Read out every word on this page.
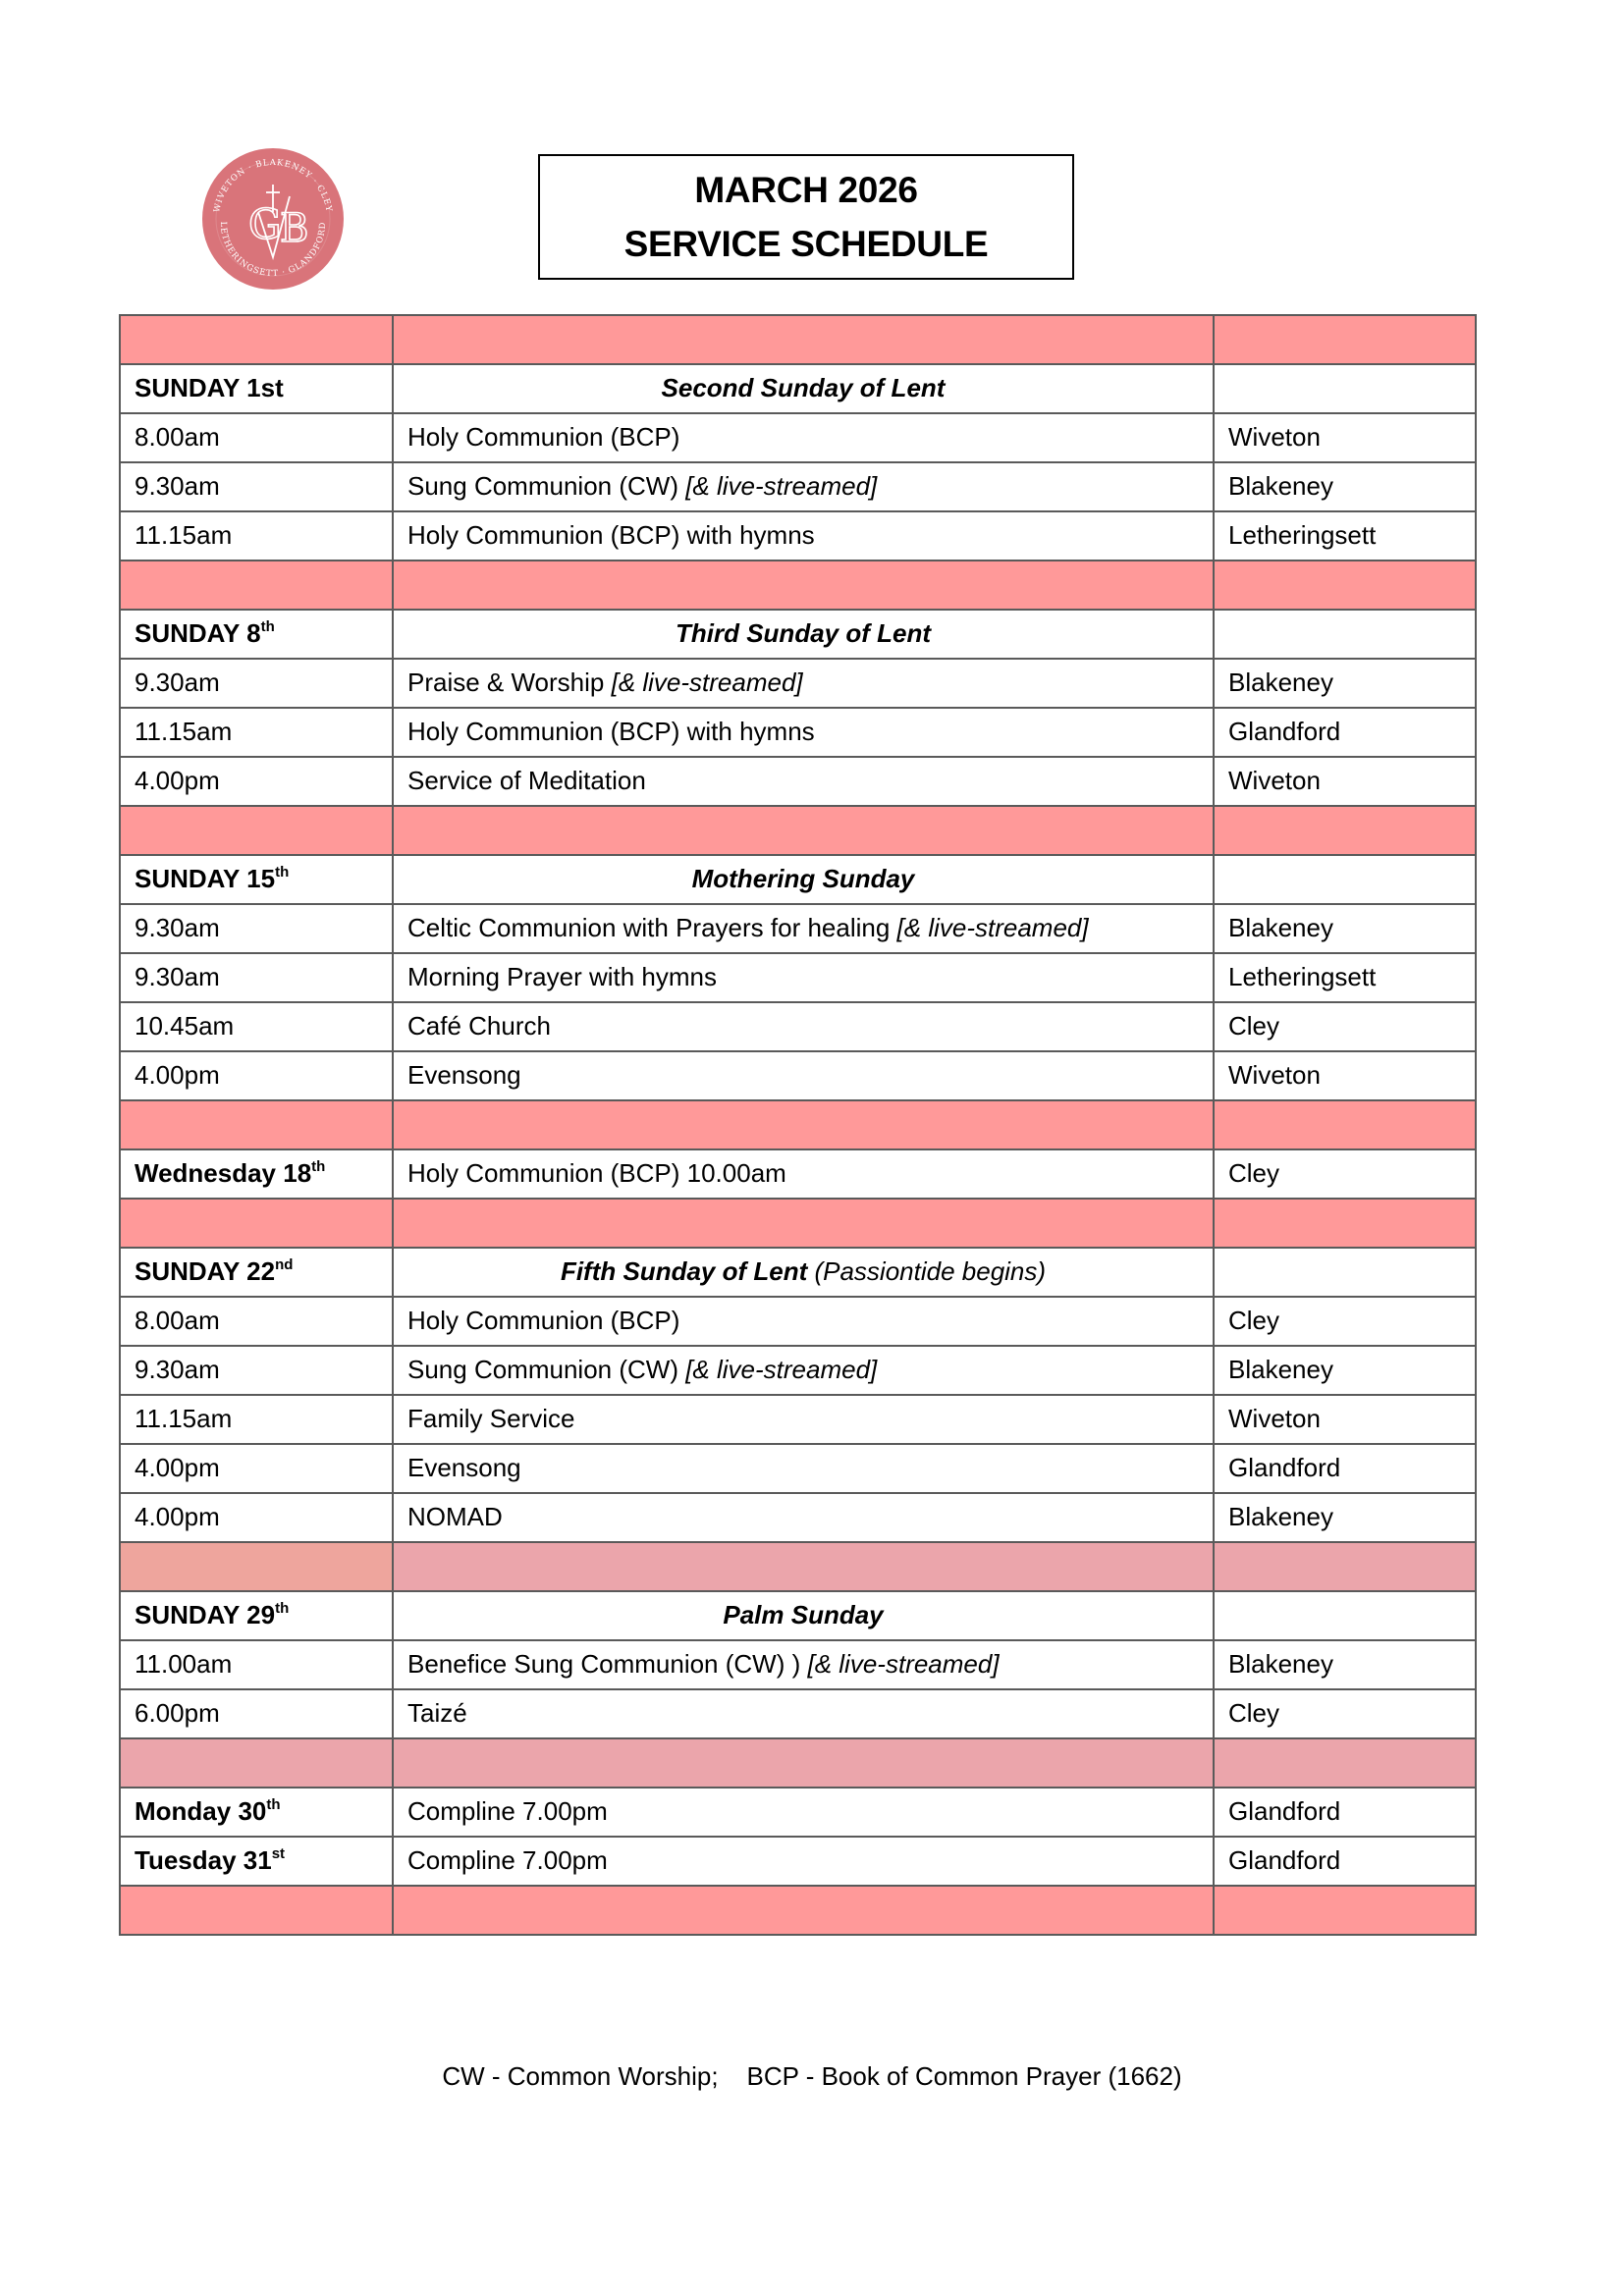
WIVETON · BLAKENEY · CLEY
LETHERINGSETT · GLANDFORD
G
B
MARCH 2026
SERVICE SCHEDULE

SUNDAY 1st	Second Sunday of Lent	
8.00am	Holy Communion (BCP)	Wiveton
9.30am	Sung Communion (CW) [& live-streamed]	Blakeney
11.15am	Holy Communion (BCP) with hymns	Letheringsett

SUNDAY 8th	Third Sunday of Lent	
9.30am	Praise & Worship [& live-streamed]	Blakeney
11.15am	Holy Communion (BCP) with hymns	Glandford
4.00pm	Service of Meditation	Wiveton

SUNDAY 15th	Mothering Sunday	
9.30am	Celtic Communion with Prayers for healing [& live-streamed]	Blakeney
9.30am	Morning Prayer with hymns	Letheringsett
10.45am	Café Church	Cley
4.00pm	Evensong	Wiveton

Wednesday 18th	Holy Communion (BCP) 10.00am	Cley

SUNDAY 22nd	Fifth Sunday of Lent (Passiontide begins)	
8.00am	Holy Communion (BCP)	Cley
9.30am	Sung Communion (CW) [& live-streamed]	Blakeney
11.15am	Family Service	Wiveton
4.00pm	Evensong	Glandford
4.00pm	NOMAD	Blakeney

SUNDAY 29th	Palm Sunday	
11.00am	Benefice Sung Communion (CW) ) [& live-streamed]	Blakeney
6.00pm	Taizé	Cley

Monday 30th	Compline 7.00pm	Glandford
Tuesday 31st	Compline 7.00pm	Glandford

CW - Common Worship;    BCP - Book of Common Prayer (1662)
